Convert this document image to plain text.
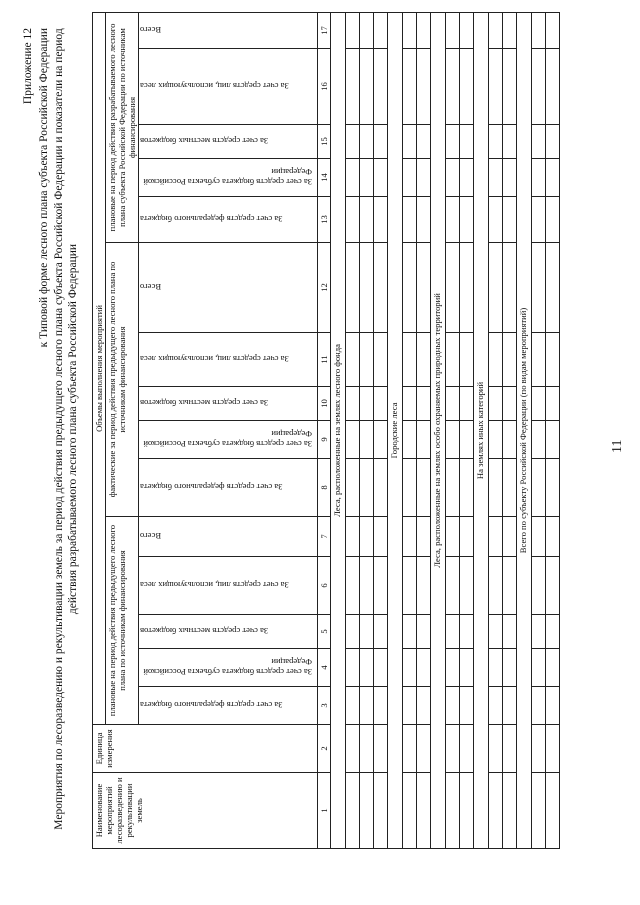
11
Приложение 12 к Типовой форме лесного плана субъекта Российской Федерации Мероприятия по лесоразведению и рекультивации земель за период действия предыдущего лесного плана субъекта Российской Федерации и показатели на период действия разрабатываемого лесного плана субъекта Российской Федерации
Наименование мероприятий лесоразведению и рекультивации земель	Единица измерения	Объемы выполнения мероприятий														
		плановые на период действия предыдущего лесного плана по источникам финансирования					фактические за период действия предыдущего лесного плана по источникам финансирования					плановые на период действия разрабатываемого лесного плана субъекта Российской Федерации по источникам финансирования				
		За счет средств федерального бюджета	За счет средств бюджета субъекта Российской Федерации	За счет средств местных бюджетов	За счет средств лиц, использующих леса	Всего	За счет средств федерального бюджета	За счет средств бюджета субъекта Российской Федерации	За счет средств местных бюджетов	За счет средств лиц, использующих леса	Всего	За счет средств федерального бюджета	За счет средств бюджета субъекта Российской Федерации	За счет средств местных бюджетов	За счет средств лиц, использующих леса	Всего
1	2	3	4	5	6	7	8	9	10	11	12	13	14	15	16	17
Леса, расположенные на землях лесного фонда																

Городские леса																

Леса, расположенные на землях особо охраняемых природных территорий																

На землях иных категорий																

Всего по субъекту Российской Федерации (по видам мероприятий)																
